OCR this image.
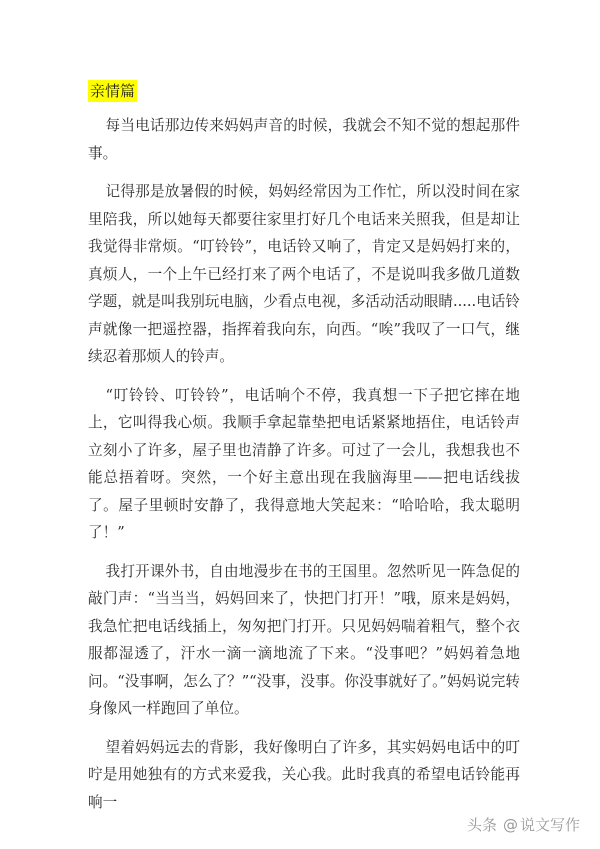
亲情篇

每当电话那边传来妈妈声音的时候，我就会不知不觉的想起那件事。

记得那是放暑假的时候，妈妈经常因为工作忙，所以没时间在家里陪我，所以她每天都要往家里打好几个电话来关照我，但是却让我觉得非常烦。“叮铃铃”，电话铃又响了，肯定又是妈妈打来的，真烦人，一个上午已经打来了两个电话了，不是说叫我多做几道数学题，就是叫我别玩电脑，少看点电视，多活动活动眼睛.....电话铃声就像一把遥控器，指挥着我向东，向西。“唉”我叹了一口气，继续忍着那烦人的铃声。

“叮铃铃、叮铃铃”，电话响个不停，我真想一下子把它摔在地上，它叫得我心烦。我顺手拿起靠垫把电话紧紧地捂住，电话铃声立刻小了许多，屋子里也清静了许多。可过了一会儿，我想我也不能总捂着呀。突然，一个好主意出现在我脑海里——把电话线拔了。屋子里顿时安静了，我得意地大笑起来：“哈哈哈，我太聪明了！”

我打开课外书，自由地漫步在书的王国里。忽然听见一阵急促的敲门声：“当当当，妈妈回来了，快把门打开！”哦，原来是妈妈，我急忙把电话线插上，匆匆把门打开。只见妈妈喘着粗气，整个衣服都湿透了，汗水一滴一滴地流了下来。“没事吧？”妈妈着急地问。“没事啊，怎么了？”“没事，没事。你没事就好了。”妈妈说完转身像风一样跑回了单位。

望着妈妈远去的背影，我好像明白了许多，其实妈妈电话中的叮咛是用她独有的方式来爱我，关心我。此时我真的希望电话铃能再响一

头条 @ 说文写作
